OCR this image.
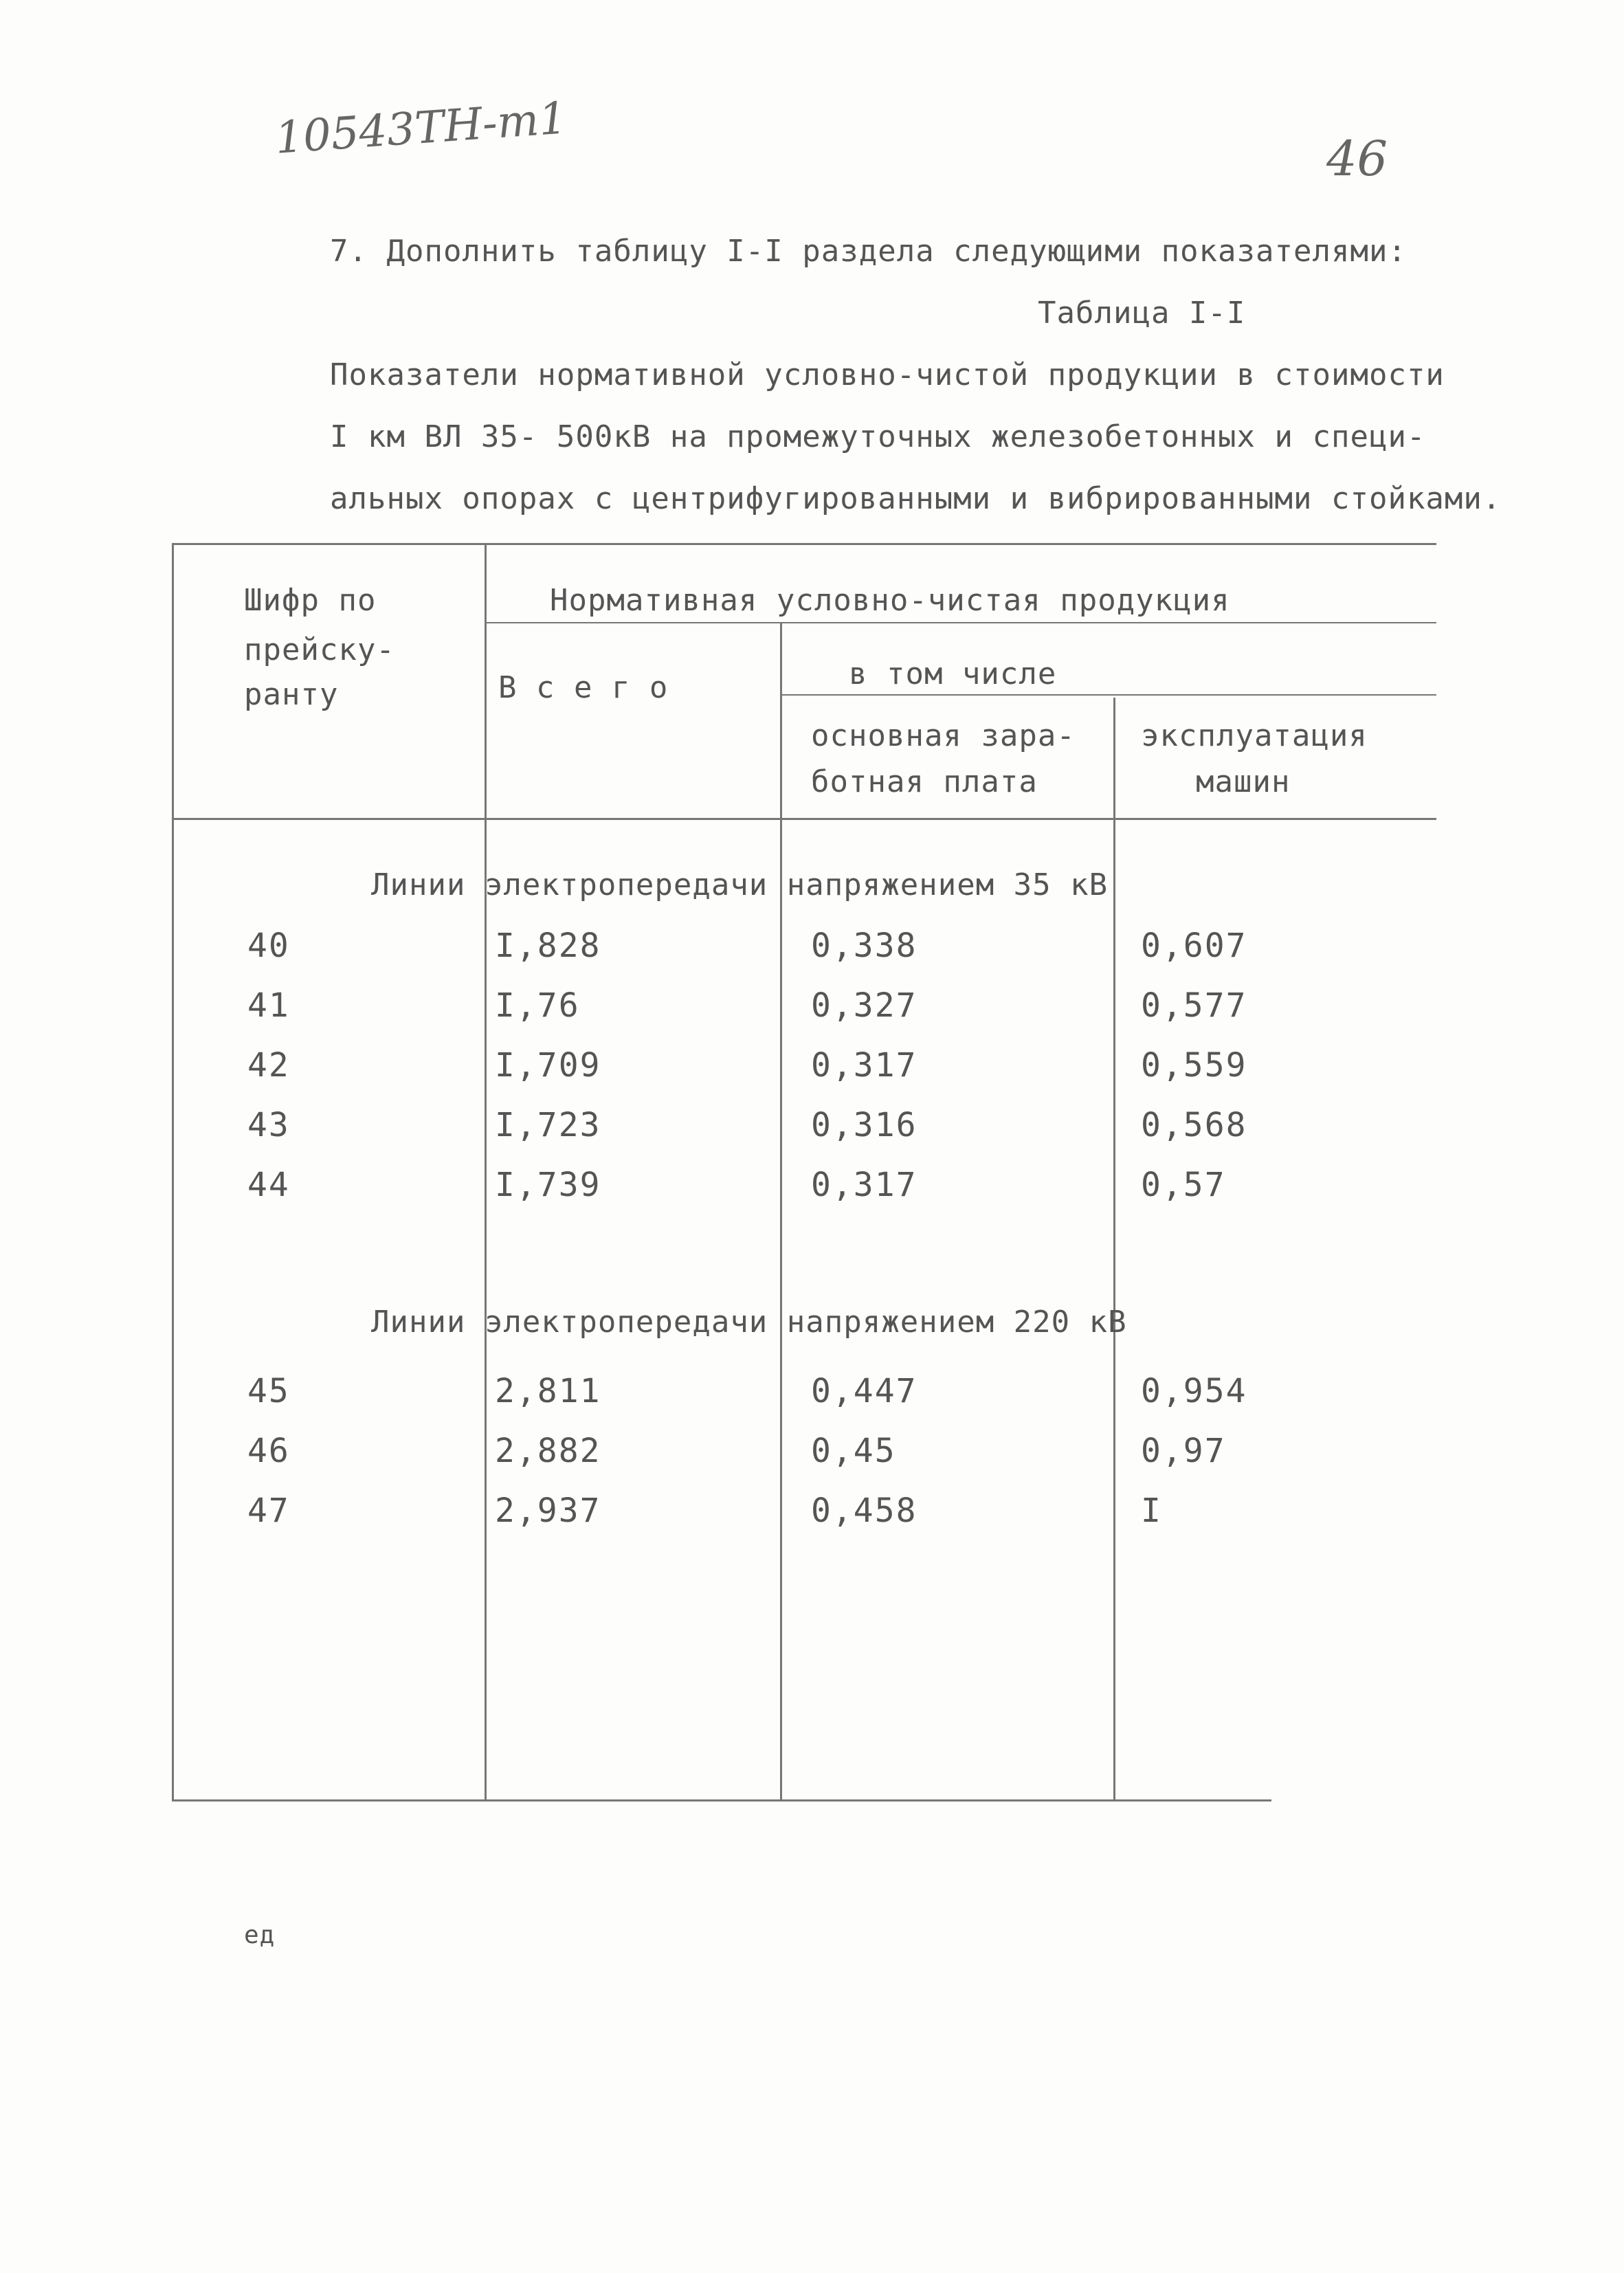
10543ТН-т1	46
7. Дополнить таблицу I-I раздела следующими показателями:
Таблица I-I
Показатели нормативной условно-чистой продукции в стоимости
I км ВЛ 35- 500кВ на промежуточных железобетонных и специ-
альных опорах с центрифугированными и вибрированными стойками.
Шифр по
прейску-
ранту
Нормативная условно-чистая продукция
В с е г о	в том числе
основная зара-
ботная плата
эксплуатация
машин
Линии электропередачи напряжением 35 кВ
40	I,828	0,338	0,607
41	I,76	0,327	0,577
42	I,709	0,317	0,559
43	I,723	0,316	0,568
44	I,739	0,317	0,57
Линии электропередачи напряжением 220 кВ
45	2,811	0,447	0,954
46	2,882	0,45	0,97
47	2,937	0,458	I
ед
